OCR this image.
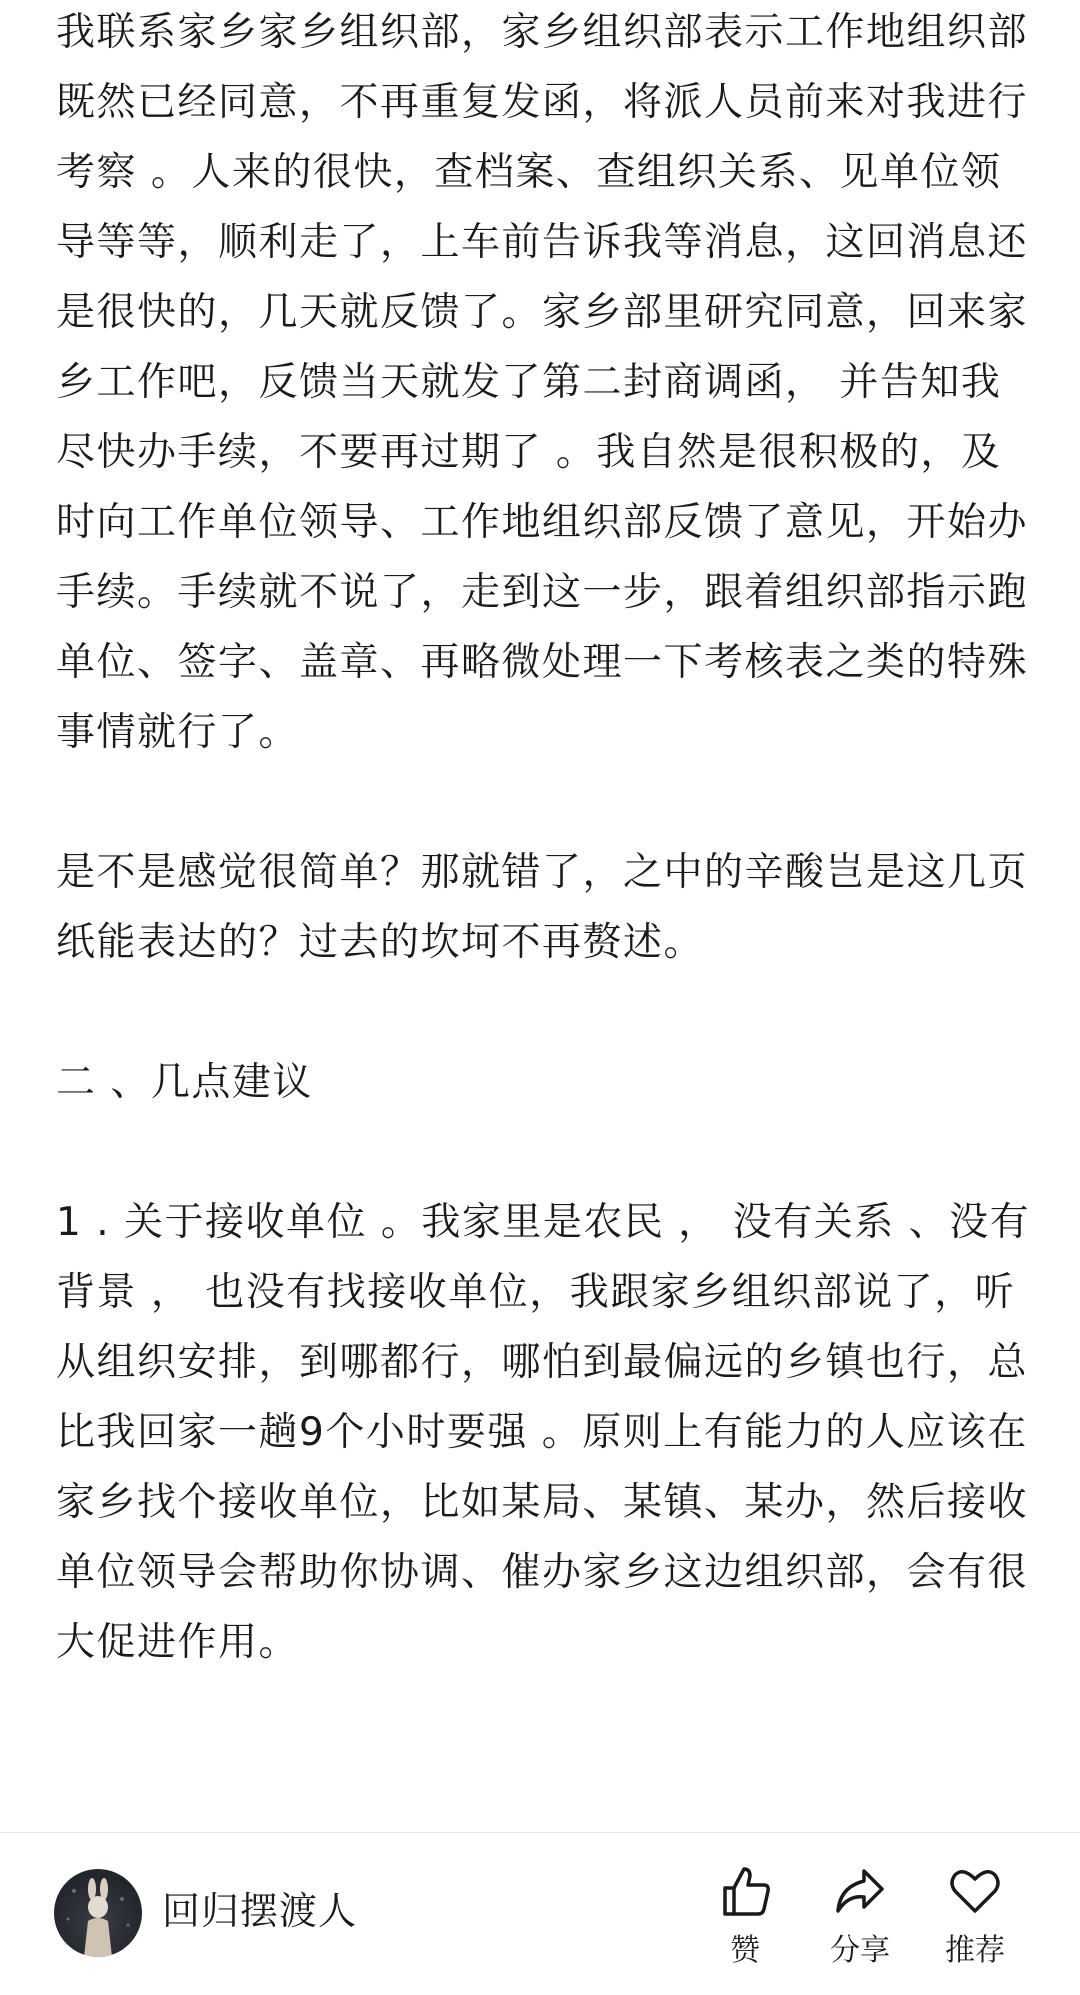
我联系家乡家乡组织部，家乡组织部表示工作地组织部既然已经同意，不再重复发函，将派人员前来对我进行考察 。人来的很快，查档案、查组织关系、见单位领导等等，顺利走了，上车前告诉我等消息，这回消息还是很快的，几天就反馈了。家乡部里研究同意，回来家乡工作吧，反馈当天就发了第二封商调函， 并告知我尽快办手续，不要再过期了 。我自然是很积极的，及时向工作单位领导、工作地组织部反馈了意见，开始办手续。手续就不说了，走到这一步，跟着组织部指示跑单位、签字、盖章、再略微处理一下考核表之类的特殊事情就行了。

是不是感觉很简单？那就错了，之中的辛酸岂是这几页纸能表达的？过去的坎坷不再赘述。

二 、几点建议

1 . 关于接收单位 。我家里是农民 ， 没有关系 、没有背景 ， 也没有找接收单位，我跟家乡组织部说了，听从组织安排，到哪都行，哪怕到最偏远的乡镇也行，总比我回家一趟9个小时要强 。原则上有能力的人应该在家乡找个接收单位，比如某局、某镇、某办，然后接收单位领导会帮助你协调、催办家乡这边组织部，会有很大促进作用。

回归摆渡人
赞	分享	推荐
